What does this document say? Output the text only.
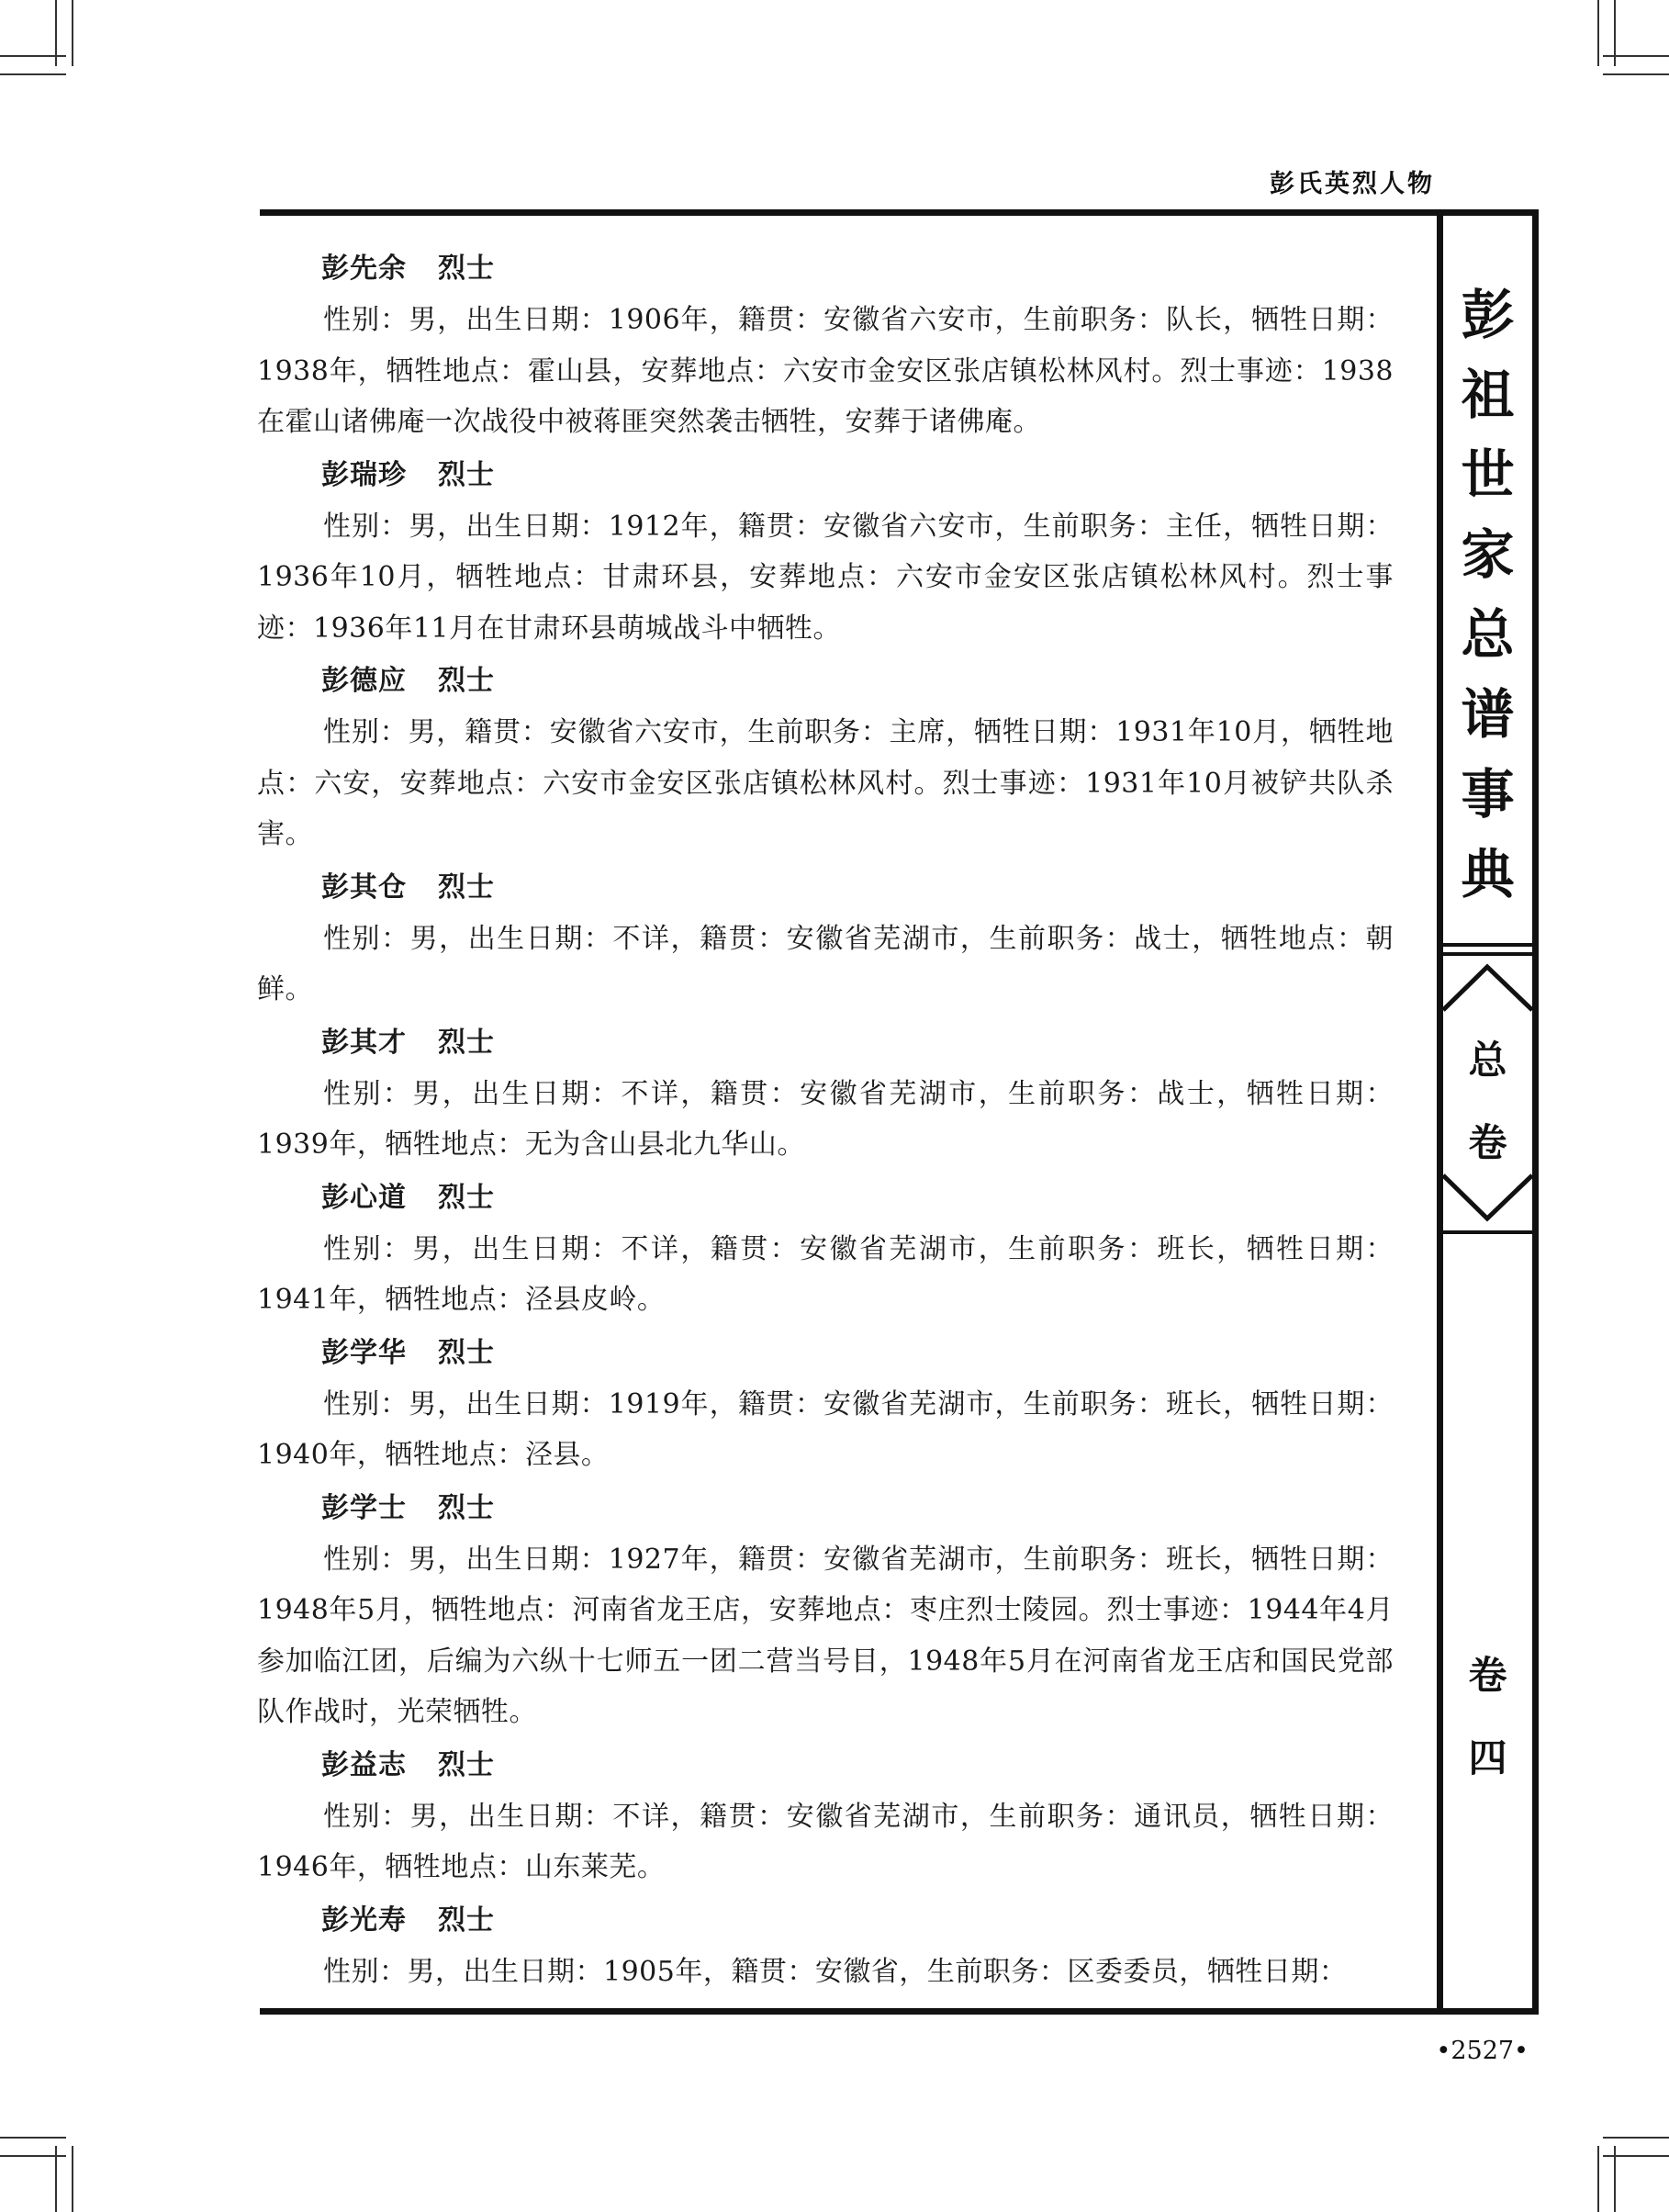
彭氏英烈人物
彭
祖
世
家
总
谱
事
典
总
卷
卷
四
彭先余 烈士

性别：男，出生日期：1906年，籍贯：安徽省六安市，生前职务：队长，牺牲日期：1938年，牺牲地点：霍山县，安葬地点：六安市金安区张店镇松林风村。烈士事迹：1938在霍山诸佛庵一次战役中被蒋匪突然袭击牺牲，安葬于诸佛庵。

彭瑞珍 烈士

性别：男，出生日期：1912年，籍贯：安徽省六安市，生前职务：主任，牺牲日期：1936年10月，牺牲地点：甘肃环县，安葬地点：六安市金安区张店镇松林风村。烈士事迹：1936年11月在甘肃环县萌城战斗中牺牲。

彭德应 烈士

性别：男，籍贯：安徽省六安市，生前职务：主席，牺牲日期：1931年10月，牺牲地点：六安，安葬地点：六安市金安区张店镇松林风村。烈士事迹：1931年10月被铲共队杀害。

彭其仓 烈士

性别：男，出生日期：不详，籍贯：安徽省芜湖市，生前职务：战士，牺牲地点：朝鲜。

彭其才 烈士

性别：男，出生日期：不详，籍贯：安徽省芜湖市，生前职务：战士，牺牲日期：1939年，牺牲地点：无为含山县北九华山。

彭心道 烈士

性别：男，出生日期：不详，籍贯：安徽省芜湖市，生前职务：班长，牺牲日期：1941年，牺牲地点：泾县皮岭。

彭学华 烈士

性别：男，出生日期：1919年，籍贯：安徽省芜湖市，生前职务：班长，牺牲日期：1940年，牺牲地点：泾县。

彭学士 烈士

性别：男，出生日期：1927年，籍贯：安徽省芜湖市，生前职务：班长，牺牲日期：1948年5月，牺牲地点：河南省龙王店，安葬地点：枣庄烈士陵园。烈士事迹：1944年4月参加临江团，后编为六纵十七师五一团二营当号目，1948年5月在河南省龙王店和国民党部队作战时，光荣牺牲。

彭益志 烈士

性别：男，出生日期：不详，籍贯：安徽省芜湖市，生前职务：通讯员，牺牲日期：1946年，牺牲地点：山东莱芜。

彭光寿 烈士

性别：男，出生日期：1905年，籍贯：安徽省，生前职务：区委委员，牺牲日期：

•2527•
